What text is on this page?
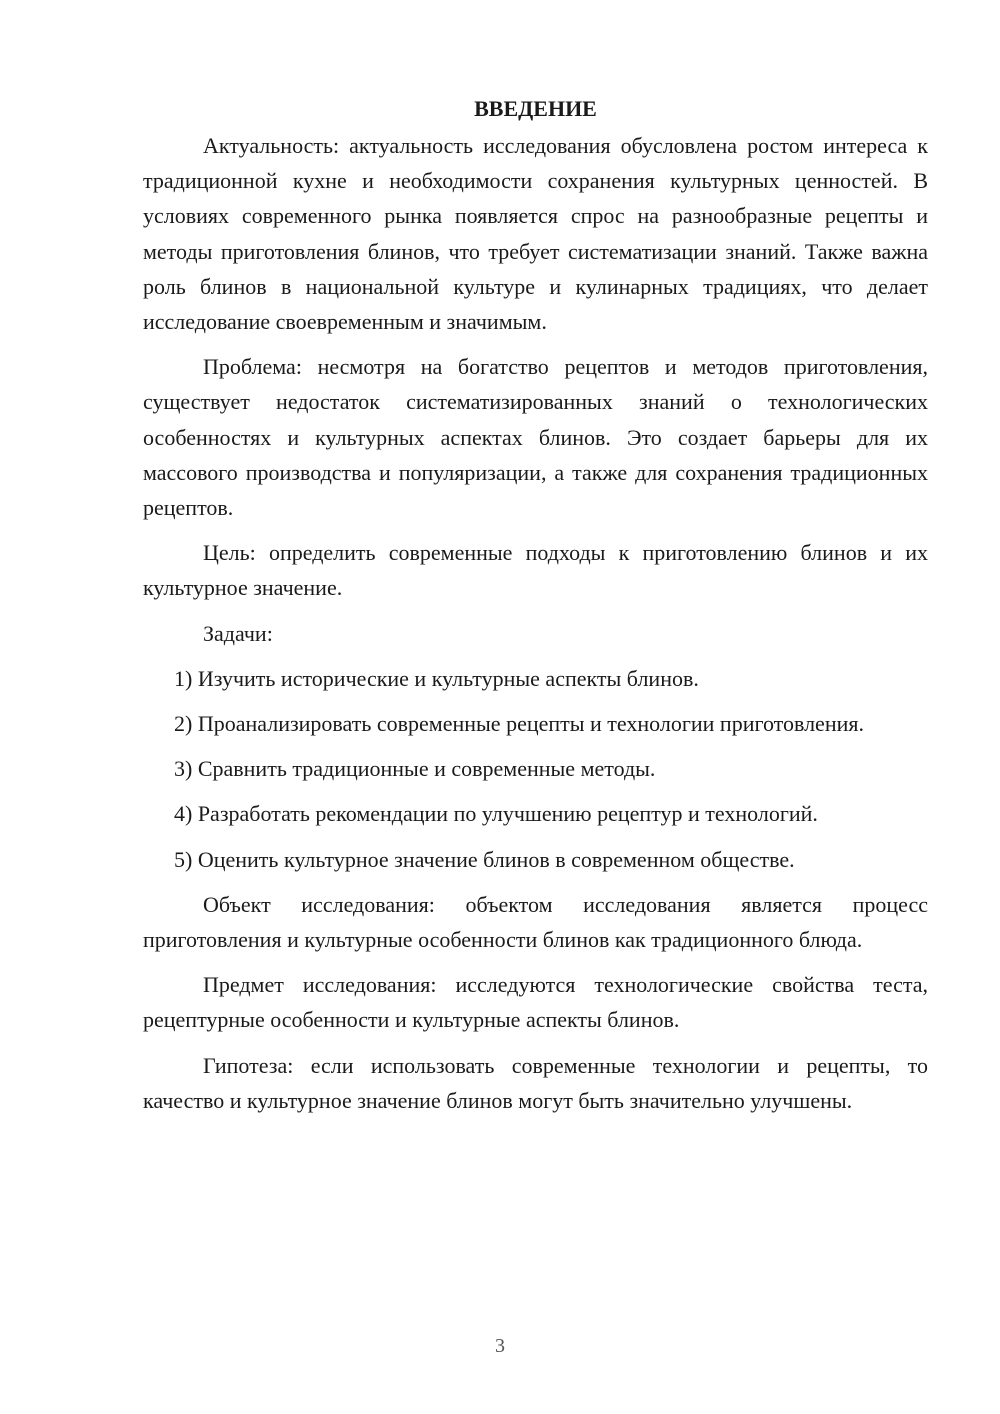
ВВЕДЕНИЕ

Актуальность: актуальность исследования обусловлена ростом интереса к традиционной кухне и необходимости сохранения культурных ценностей. В условиях современного рынка появляется спрос на разнообразные рецепты и методы приготовления блинов, что требует систематизации знаний. Также важна роль блинов в национальной культуре и кулинарных традициях, что делает исследование своевременным и значимым.

Проблема: несмотря на богатство рецептов и методов приготовления, существует недостаток систематизированных знаний о технологических особенностях и культурных аспектах блинов. Это создает барьеры для их массового производства и популяризации, а также для сохранения традиционных рецептов.

Цель: определить современные подходы к приготовлению блинов и их культурное значение.

Задачи:

1) Изучить исторические и культурные аспекты блинов.

2) Проанализировать современные рецепты и технологии приготовления.

3) Сравнить традиционные и современные методы.

4) Разработать рекомендации по улучшению рецептур и технологий.

5) Оценить культурное значение блинов в современном обществе.

Объект исследования: объектом исследования является процесс приготовления и культурные особенности блинов как традиционного блюда.

Предмет исследования: исследуются технологические свойства теста, рецептурные особенности и культурные аспекты блинов.

Гипотеза: если использовать современные технологии и рецепты, то качество и культурное значение блинов могут быть значительно улучшены.

3
